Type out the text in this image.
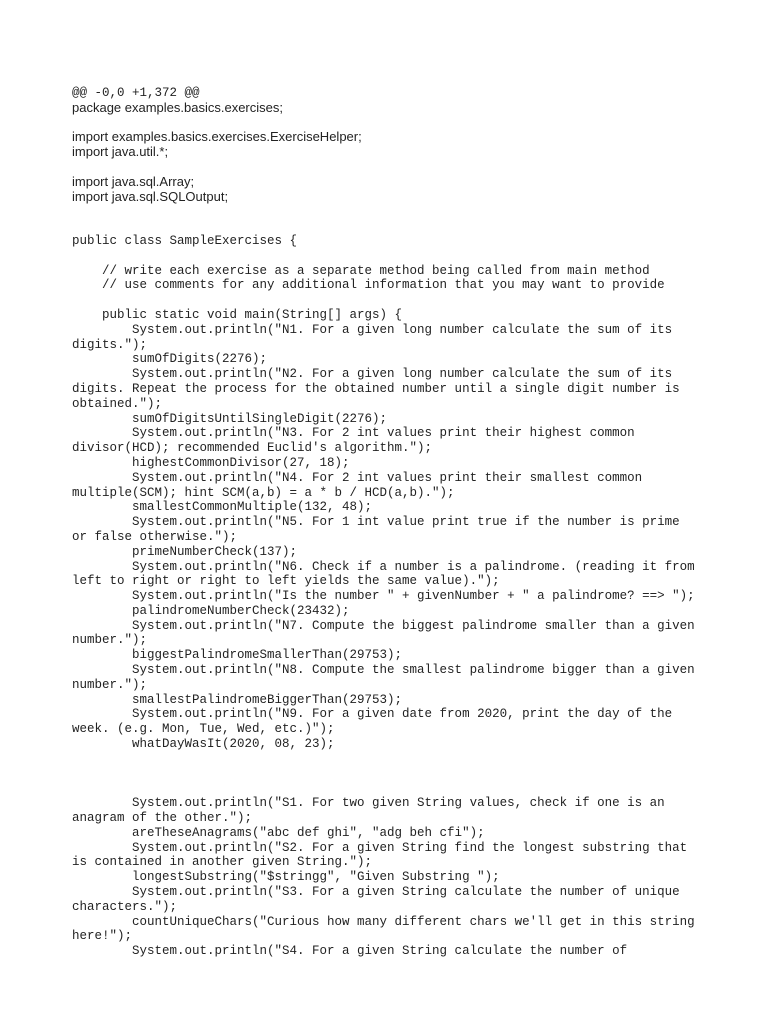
@@ -0,0 +1,372 @@
package examples.basics.exercises;
import examples.basics.exercises.ExerciseHelper;
import java.util.*;
import java.sql.Array;
import java.sql.SQLOutput;
public class SampleExercises {
// write each exercise as a separate method being called from main method
// use comments for any additional information that you may want to provide
public static void main(String[] args) {
System.out.println("N1. For a given long number calculate the sum of its
digits.");
sumOfDigits(2276);
System.out.println("N2. For a given long number calculate the sum of its
digits. Repeat the process for the obtained number until a single digit number is
obtained.");
sumOfDigitsUntilSingleDigit(2276);
System.out.println("N3. For 2 int values print their highest common
divisor(HCD); recommended Euclid's algorithm.");
highestCommonDivisor(27, 18);
System.out.println("N4. For 2 int values print their smallest common
multiple(SCM); hint SCM(a,b) = a * b / HCD(a,b).");
smallestCommonMultiple(132, 48);
System.out.println("N5. For 1 int value print true if the number is prime
or false otherwise.");
primeNumberCheck(137);
System.out.println("N6. Check if a number is a palindrome. (reading it from
left to right or right to left yields the same value).");
System.out.println("Is the number " + givenNumber + " a palindrome? ==> ");
palindromeNumberCheck(23432);
System.out.println("N7. Compute the biggest palindrome smaller than a given
number.");
biggestPalindromeSmallerThan(29753);
System.out.println("N8. Compute the smallest palindrome bigger than a given
number.");
smallestPalindromeBiggerThan(29753);
System.out.println("N9. For a given date from 2020, print the day of the
week. (e.g. Mon, Tue, Wed, etc.)");
whatDayWasIt(2020, 08, 23);
System.out.println("S1. For two given String values, check if one is an
anagram of the other.");
areTheseAnagrams("abc def ghi", "adg beh cfi");
System.out.println("S2. For a given String find the longest substring that
is contained in another given String.");
longestSubstring("$stringg", "Given Substring ");
System.out.println("S3. For a given String calculate the number of unique
characters.");
countUniqueChars("Curious how many different chars we'll get in this string
here!");
System.out.println("S4. For a given String calculate the number of
